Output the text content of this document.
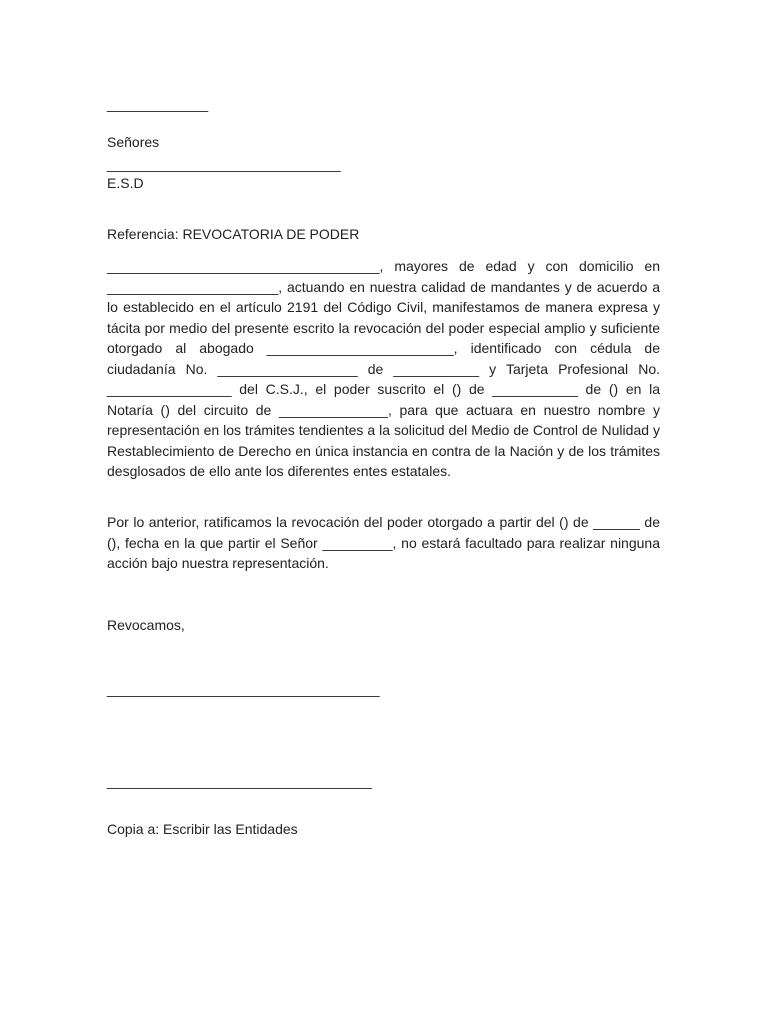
_____________

Señores

______________________________

E.S.D

Referencia: REVOCATORIA DE PODER

___________________________________, mayores de edad y con domicilio en ______________________, actuando en nuestra calidad de mandantes y de acuerdo a lo establecido en el artículo 2191 del Código Civil, manifestamos de manera expresa y tácita por medio del presente escrito la revocación del poder especial amplio y suficiente otorgado al abogado ________________________, identificado con cédula de ciudadanía No. __________________ de ___________ y Tarjeta Profesional No. ________________ del C.S.J., el poder suscrito el () de ___________ de () en la Notaría () del circuito de ______________, para que actuara en nuestro nombre y representación en los trámites tendientes a la solicitud del Medio de Control de Nulidad y Restablecimiento de Derecho en única instancia en contra de la Nación y de los trámites desglosados de ello ante los diferentes entes estatales.

Por lo anterior, ratificamos la revocación del poder otorgado a partir del () de ______ de (), fecha en la que partir el Señor _________, no estará facultado para realizar ninguna acción bajo nuestra representación.

Revocamos,

___________________________________

__________________________________

Copia a: Escribir las Entidades
